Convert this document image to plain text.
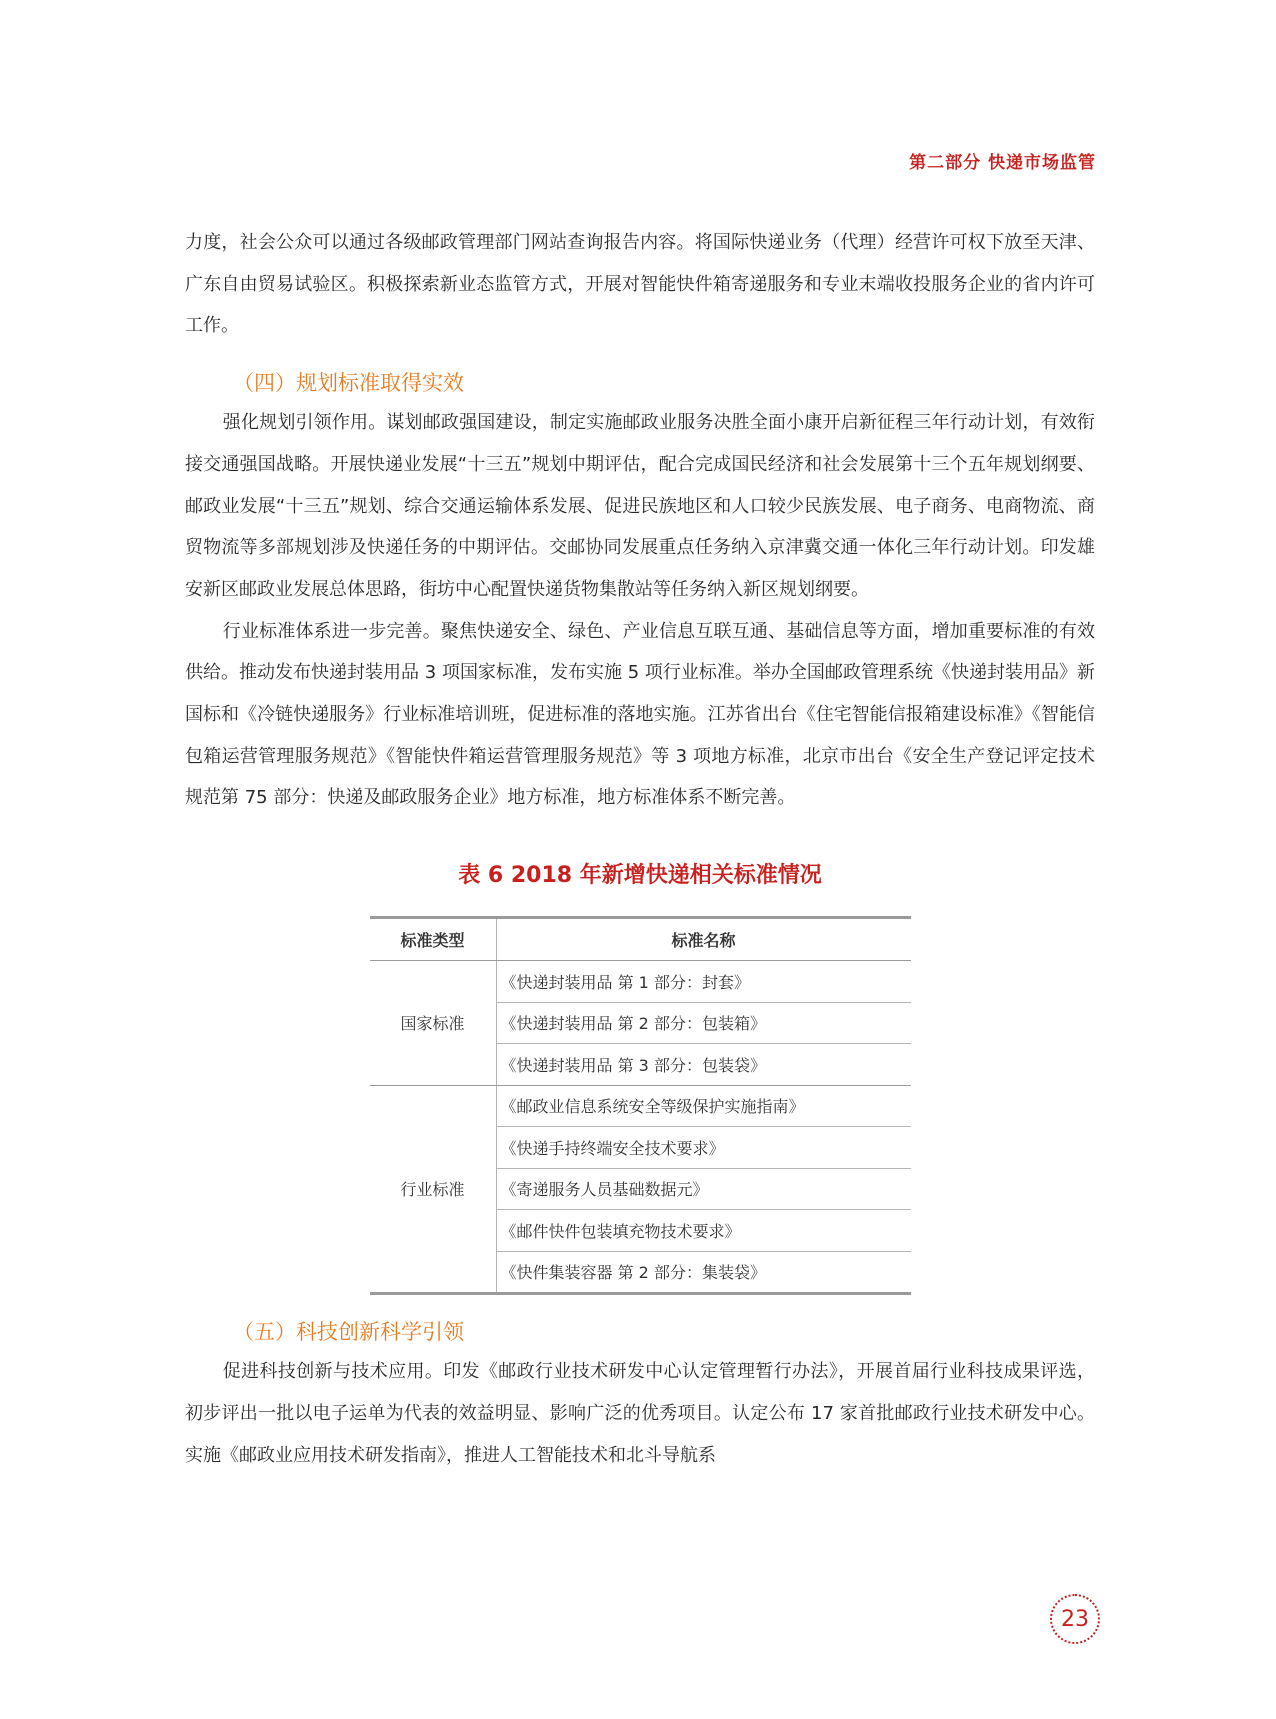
第二部分 快递市场监管

力度，社会公众可以通过各级邮政管理部门网站查询报告内容。将国际快递业务（代理）经营许可权下放至天津、广东自由贸易试验区。积极探索新业态监管方式，开展对智能快件箱寄递服务和专业末端收投服务企业的省内许可工作。

（四）规划标准取得实效

强化规划引领作用。谋划邮政强国建设，制定实施邮政业服务决胜全面小康开启新征程三年行动计划，有效衔接交通强国战略。开展快递业发展“十三五”规划中期评估，配合完成国民经济和社会发展第十三个五年规划纲要、邮政业发展“十三五”规划、综合交通运输体系发展、促进民族地区和人口较少民族发展、电子商务、电商物流、商贸物流等多部规划涉及快递任务的中期评估。交邮协同发展重点任务纳入京津冀交通一体化三年行动计划。印发雄安新区邮政业发展总体思路，街坊中心配置快递货物集散站等任务纳入新区规划纲要。

行业标准体系进一步完善。聚焦快递安全、绿色、产业信息互联互通、基础信息等方面，增加重要标准的有效供给。推动发布快递封装用品 3 项国家标准，发布实施 5 项行业标准。举办全国邮政管理系统《快递封装用品》新国标和《冷链快递服务》行业标准培训班，促进标准的落地实施。江苏省出台《住宅智能信报箱建设标准》《智能信包箱运营管理服务规范》《智能快件箱运营管理服务规范》等 3 项地方标准，北京市出台《安全生产登记评定技术规范第 75 部分：快递及邮政服务企业》地方标准，地方标准体系不断完善。

表 6 2018 年新增快递相关标准情况
标准类型	标准名称
国家标准	《快递封装用品 第 1 部分：封套》
	《快递封装用品 第 2 部分：包装箱》
	《快递封装用品 第 3 部分：包装袋》
行业标准	《邮政业信息系统安全等级保护实施指南》
	《快递手持终端安全技术要求》
	《寄递服务人员基础数据元》
	《邮件快件包装填充物技术要求》
	《快件集装容器 第 2 部分：集装袋》
（五）科技创新科学引领

促进科技创新与技术应用。印发《邮政行业技术研发中心认定管理暂行办法》，开展首届行业科技成果评选，初步评出一批以电子运单为代表的效益明显、影响广泛的优秀项目。认定公布 17 家首批邮政行业技术研发中心。实施《邮政业应用技术研发指南》，推进人工智能技术和北斗导航系

23
